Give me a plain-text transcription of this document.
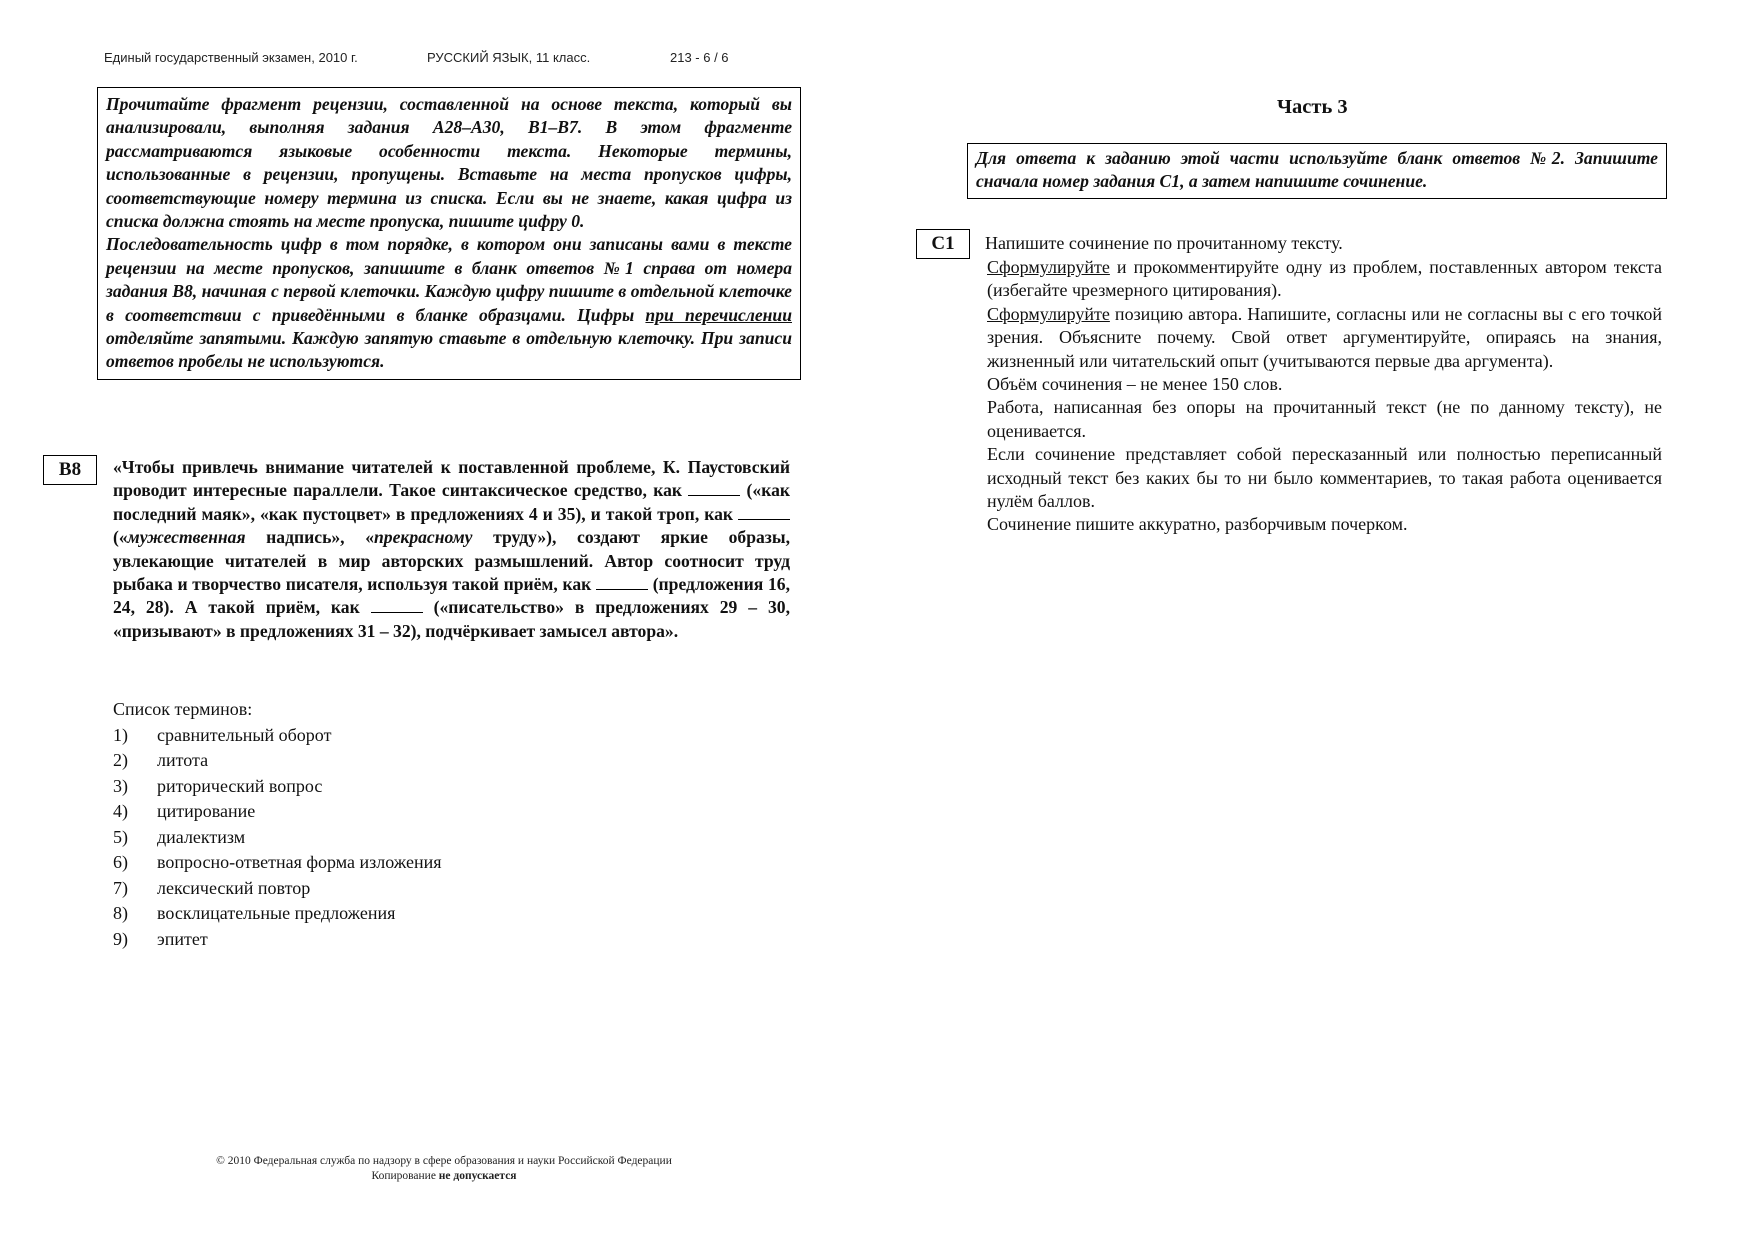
Единый государственный экзамен, 2010 г.	РУССКИЙ ЯЗЫК, 11 класс.	213 - 6 / 6

Прочитайте фрагмент рецензии, составленной на основе текста, который вы анализировали, выполняя задания А28–А30, В1–В7. В этом фрагменте рассматриваются языковые особенности текста. Некоторые термины, использованные в рецензии, пропущены. Вставьте на места пропусков цифры, соответствующие номеру термина из списка. Если вы не знаете, какая цифра из списка должна стоять на месте пропуска, пишите цифру 0.

Последовательность цифр в том порядке, в котором они записаны вами в тексте рецензии на месте пропусков, запишите в бланк ответов №1 справа от номера задания В8, начиная с первой клеточки. Каждую цифру пишите в отдельной клеточке в соответствии с приведёнными в бланке образцами. Цифры при перечислении отделяйте запятыми. Каждую запятую ставьте в отдельную клеточку. При записи ответов пробелы не используются.

В8	«Чтобы привлечь внимание читателей к поставленной проблеме, К. Паустовский проводит интересные параллели. Такое синтаксическое средство, как	(«как последний маяк», «как пустоцвет» в предложениях 4 и 35), и такой троп, как  («мужественная надпись», «прекрасному труду»), создают яркие образы, увлекающие читателей в мир авторских размышлений. Автор соотносит труд рыбака и творчество писателя, используя такой приём, как	(предложения 16, 24, 28). А такой приём, как	(«писательство» в предложениях 29 – 30, «призывают» в предложениях 31 – 32), подчёркивает замысел автора».

Список терминов:
1) сравнительный оборот
2) литота
3) риторический вопрос
4) цитирование
5) диалектизм
6) вопросно-ответная форма изложения
7) лексический повтор
8) восклицательные предложения
9) эпитет
Часть 3

Для ответа к заданию этой части используйте бланк ответов №2. Запишите сначала номер задания С1, а затем напишите сочинение.

С1	Напишите сочинение по прочитанному тексту.

Сформулируйте и прокомментируйте одну из проблем, поставленных автором текста (избегайте чрезмерного цитирования).

Сформулируйте позицию автора. Напишите, согласны или не согласны вы с его точкой зрения. Объясните почему. Свой ответ аргументируйте, опираясь на знания, жизненный или читательский опыт (учитываются первые два аргумента).

Объём сочинения – не менее 150 слов.

Работа, написанная без опоры на прочитанный текст (не по данному тексту), не оценивается.

Если сочинение представляет собой пересказанный или полностью переписанный исходный текст без каких бы то ни было комментариев, то такая работа оценивается нулём баллов.

Сочинение пишите аккуратно, разборчивым почерком.

© 2010 Федеральная служба по надзору в сфере образования и науки Российской Федерации

Копирование не допускается
